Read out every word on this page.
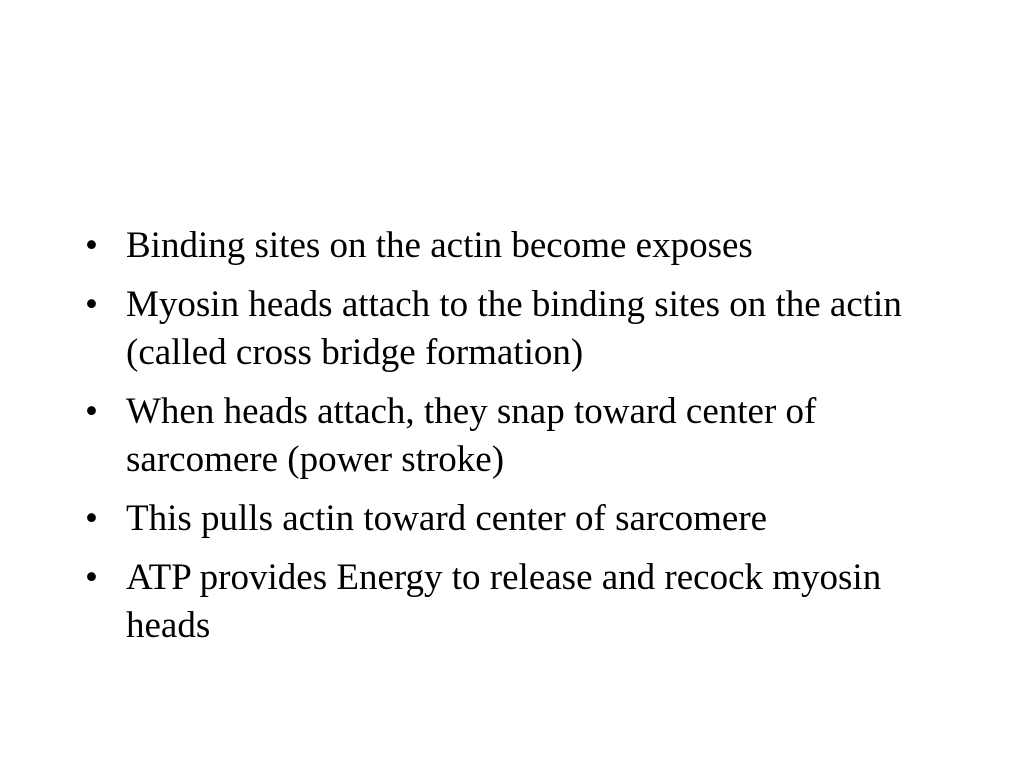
• Binding sites on the actin become exposes
• Myosin heads attach to the binding sites on the actin (called cross bridge formation)
• When heads attach, they snap toward center of sarcomere (power stroke)
• This pulls actin toward center of sarcomere
• ATP provides Energy to release and recock myosin heads
